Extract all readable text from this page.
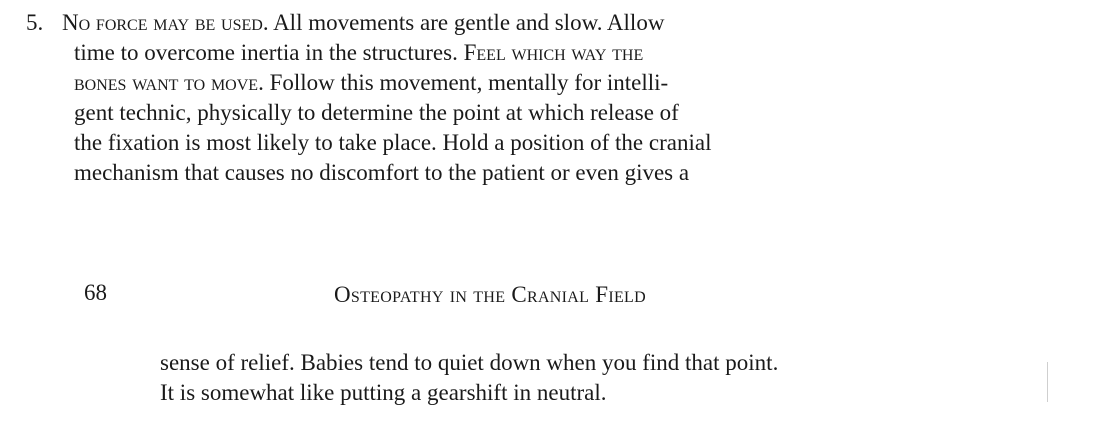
5. No force may be used. All movements are gentle and slow. Allow
time to overcome inertia in the structures. Feel which way the
bones want to move. Follow this movement, mentally for intelli-
gent technic, physically to determine the point at which release of
the fixation is most likely to take place. Hold a position of the cranial
mechanism that causes no discomfort to the patient or even gives a
68	Osteopathy in the Cranial Field
sense of relief. Babies tend to quiet down when you find that point.
It is somewhat like putting a gearshift in neutral.
